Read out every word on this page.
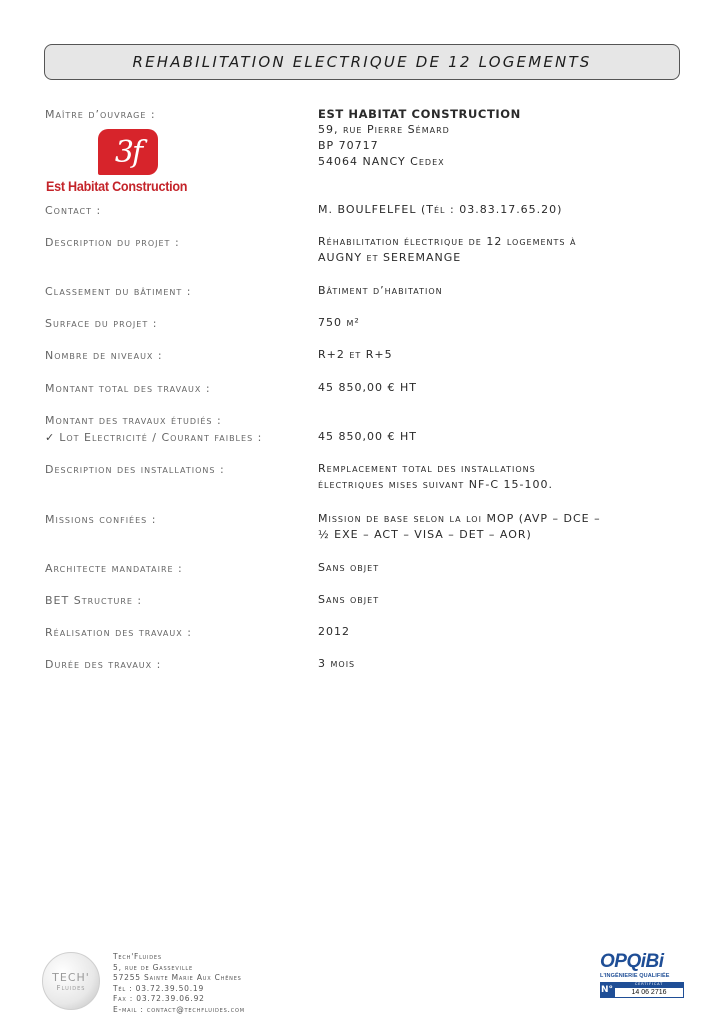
REHABILITATION ELECTRIQUE DE 12 LOGEMENTS
Maître d’ouvrage :
3f
Est Habitat Construction
EST HABITAT CONSTRUCTION
59, rue Pierre Sémard
BP 70717
54064 NANCY Cedex
Contact :	M. BOULFELFEL (Tél : 03.83.17.65.20)
Description du projet :	Réhabilitation électrique de 12 logements à
AUGNY et SEREMANGE
Classement du bâtiment :	Bâtiment d’habitation
Surface du projet :	750 m²
Nombre de niveaux :	R+2 et R+5
Montant total des travaux :	45 850,00 € HT
Montant des travaux étudiés :
✓ Lot Electricité / Courant faibles :	45 850,00 € HT
Description des installations :	Remplacement total des installations
électriques mises suivant NF-C 15-100.
Missions confiées :	Mission de base selon la loi MOP (AVP – DCE –
½ EXE – ACT – VISA – DET – AOR)
Architecte mandataire :	Sans objet
BET Structure :	Sans objet
Réalisation des travaux :	2012
Durée des travaux :	3 mois
TECH'
Fluides
Tech'Fluides
5, rue de Gasseville
57255 Sainte Marie Aux Chênes
Tél : 03.72.39.50.19
Fax : 03.72.39.06.92
E-mail : contact@techfluides.com
OPQiBi
L'INGÉNIERIE QUALIFIÉE
N°
CERTIFICAT
14 06 2716
